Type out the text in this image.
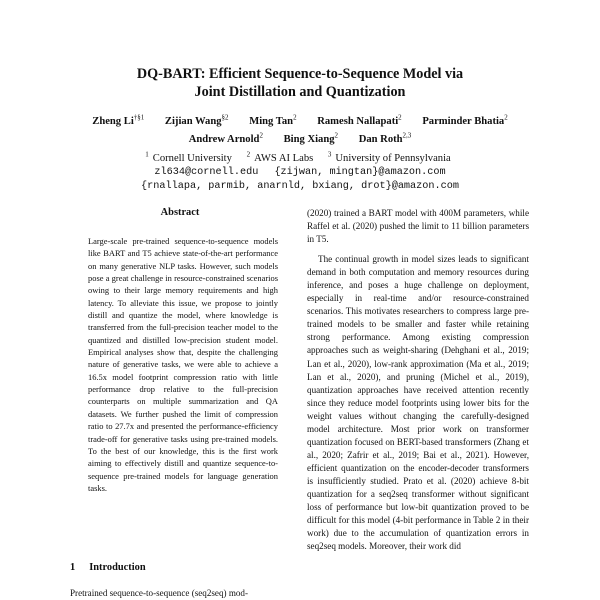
DQ-BART: Efficient Sequence-to-Sequence Model via
Joint Distillation and Quantization
Zheng Li$^{\dagger\S 1}$ Zijian Wang$^{\S 2}$ Ming Tan$^2$ Ramesh Nallapati$^2$ Parminder Bhatia$^2$
Andrew Arnold$^2$ Bing Xiang$^2$ Dan Roth$^{2,3}$
$^1$ Cornell University $^2$ AWS AI Labs $^3$ University of Pennsylvania
zl634@cornell.edu {zijwan, mingtan}@amazon.com
{rnallapa, parmib, anarnld, bxiang, drot}@amazon.com
Abstract
Large-scale pre-trained sequence-to-sequence models like BART and T5 achieve state-of-the-art performance on many generative NLP tasks. However, such models pose a great challenge in resource-constrained scenarios owing to their large memory requirements and high latency. To alleviate this issue, we propose to jointly distill and quantize the model, where knowledge is transferred from the full-precision teacher model to the quantized and distilled low-precision student model. Empirical analyses show that, despite the challenging nature of generative tasks, we were able to achieve a 16.5x model footprint compression ratio with little performance drop relative to the full-precision counterparts on multiple summarization and QA datasets. We further pushed the limit of compression ratio to 27.7x and presented the performance-efficiency trade-off for generative tasks using pre-trained models. To the best of our knowledge, this is the first work aiming to effectively distill and quantize sequence-to-sequence pre-trained models for language generation tasks.
1 Introduction
Pretrained sequence-to-sequence (seq2seq) mod-

(2020) trained a BART model with 400M parameters, while Raffel et al. (2020) pushed the limit to 11 billion parameters in T5.

The continual growth in model sizes leads to significant demand in both computation and memory resources during inference, and poses a huge challenge on deployment, especially in real-time and/or resource-constrained scenarios. This motivates researchers to compress large pre-trained models to be smaller and faster while retaining strong performance. Among existing compression approaches such as weight-sharing (Dehghani et al., 2019; Lan et al., 2020), low-rank approximation (Ma et al., 2019; Lan et al., 2020), and pruning (Michel et al., 2019), quantization approaches have received attention recently since they reduce model footprints using lower bits for the weight values without changing the carefully-designed model architecture. Most prior work on transformer quantization focused on BERT-based transformers (Zhang et al., 2020; Zafrir et al., 2019; Bai et al., 2021). However, efficient quantization on the encoder-decoder transformers is insufficiently studied. Prato et al. (2020) achieve 8-bit quantization for a seq2seq transformer without significant loss of performance but low-bit quantization proved to be difficult for this model (4-bit performance in Table 2 in their work) due to the accumulation of quantization errors in seq2seq models. Moreover, their work did
